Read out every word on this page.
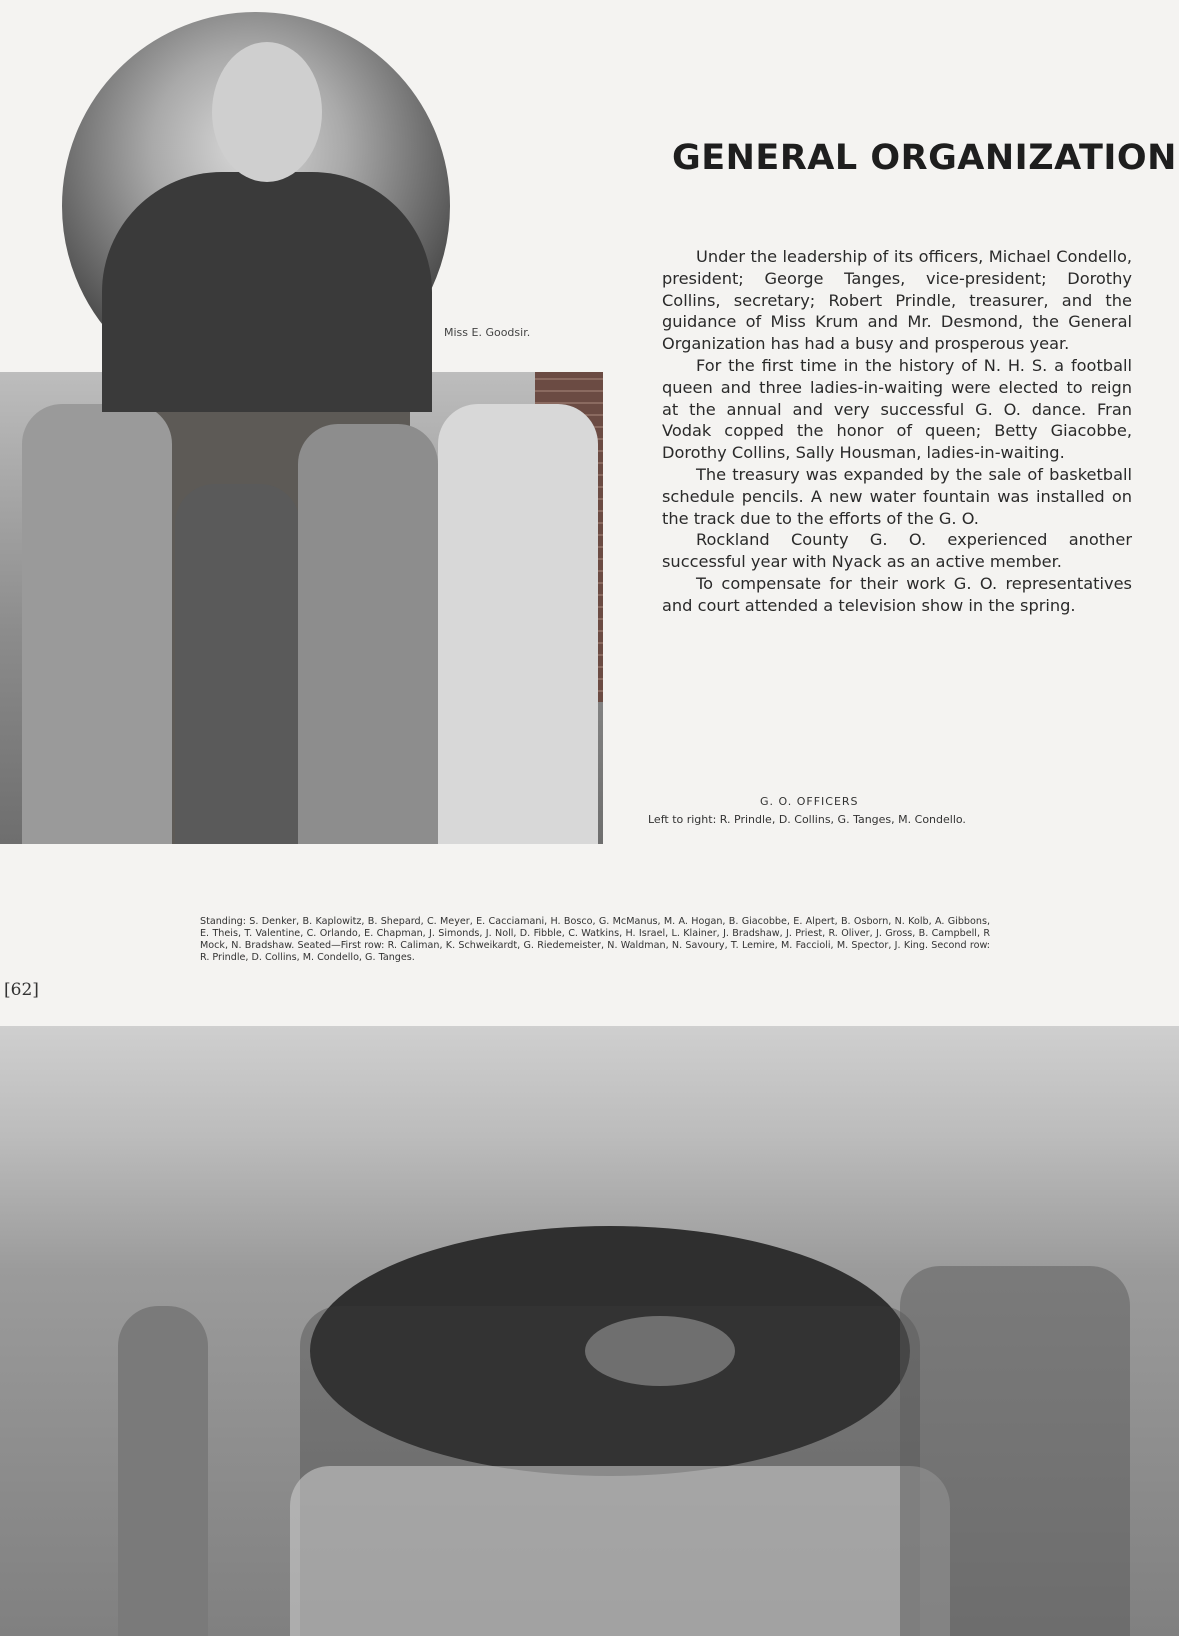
Miss E. Goodsir.
GENERAL ORGANIZATION

Under the leadership of its officers, Michael Condello, president; George Tanges, vice-president; Dorothy Collins, secretary; Robert Prindle, treasurer, and the guidance of Miss Krum and Mr. Desmond, the General Organization has had a busy and prosperous year.

For the first time in the history of N. H. S. a football queen and three ladies-in-waiting were elected to reign at the annual and very successful G. O. dance. Fran Vodak copped the honor of queen; Betty Giacobbe, Dorothy Collins, Sally Housman, ladies-in-waiting.

The treasury was expanded by the sale of basketball schedule pencils. A new water fountain was installed on the track due to the efforts of the G. O.

Rockland County G. O. experienced another successful year with Nyack as an active member.

To compensate for their work G. O. representatives and court attended a television show in the spring.

G. O. OFFICERS
Left to right: R. Prindle, D. Collins, G. Tanges, M. Condello.
Standing: S. Denker, B. Kaplowitz, B. Shepard, C. Meyer, E. Cacciamani, H. Bosco, G. McManus, M. A. Hogan, B. Giacobbe, E. Alpert, B. Osborn, N. Kolb, A. Gibbons, E. Theis, T. Valentine, C. Orlando, E. Chapman, J. Simonds, J. Noll, D. Fibble, C. Watkins, H. Israel, L. Klainer, J. Bradshaw, J. Priest, R. Oliver, J. Gross, B. Campbell, R Mock, N. Bradshaw. Seated—First row: R. Caliman, K. Schweikardt, G. Riedemeister, N. Waldman, N. Savoury, T. Lemire, M. Faccioli, M. Spector, J. King. Second row: R. Prindle, D. Collins, M. Condello, G. Tanges.
[62]
